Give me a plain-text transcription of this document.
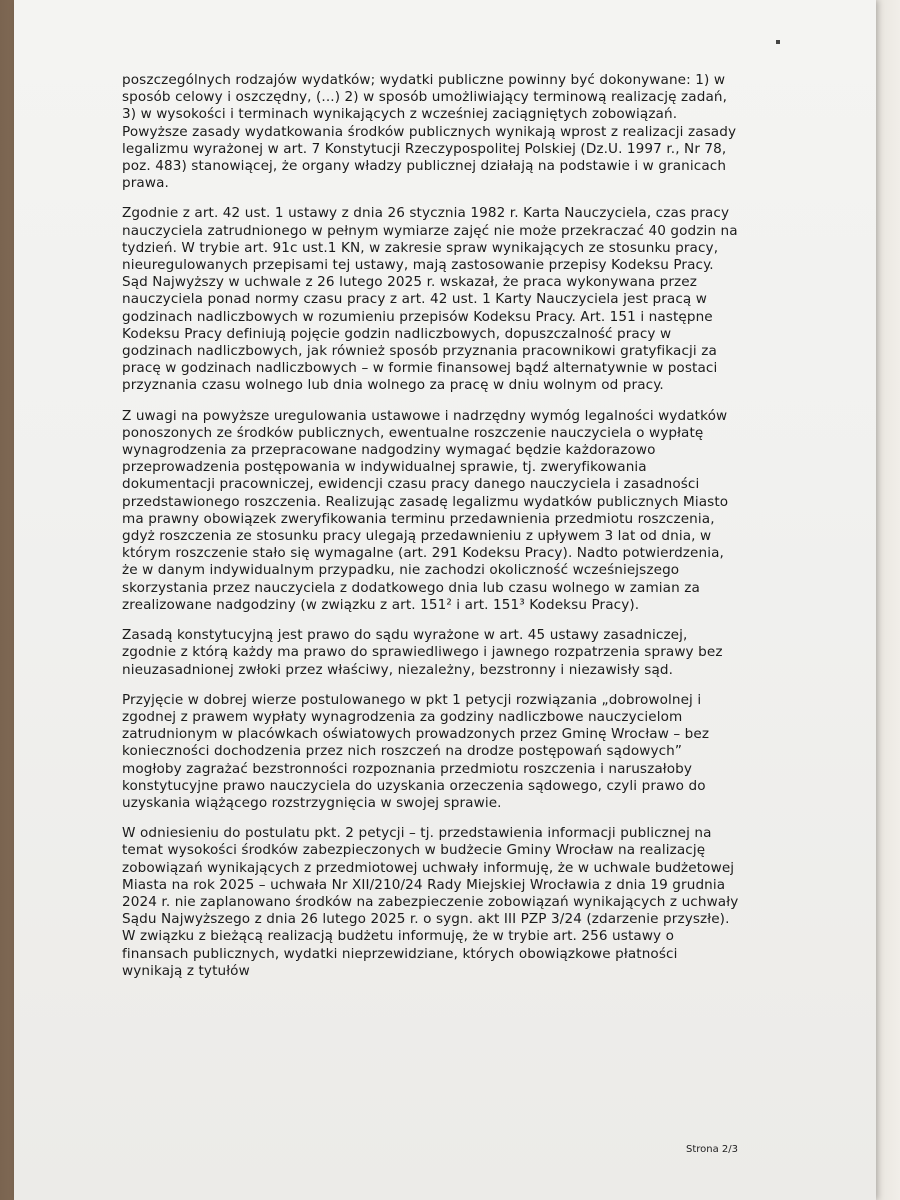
poszczególnych rodzajów wydatków; wydatki publiczne powinny być dokonywane: 1) w sposób celowy i oszczędny, (...) 2) w sposób umożliwiający terminową realizację zadań, 3) w wysokości i terminach wynikających z wcześniej zaciągniętych zobowiązań. Powyższe zasady wydatkowania środków publicznych wynikają wprost z realizacji zasady legalizmu wyrażonej w art. 7 Konstytucji Rzeczypospolitej Polskiej (Dz.U. 1997 r., Nr 78, poz. 483) stanowiącej, że organy władzy publicznej działają na podstawie i w granicach prawa.

Zgodnie z art. 42 ust. 1 ustawy z dnia 26 stycznia 1982 r. Karta Nauczyciela, czas pracy nauczyciela zatrudnionego w pełnym wymiarze zajęć nie może przekraczać 40 godzin na tydzień. W trybie art. 91c ust.1 KN, w zakresie spraw wynikających ze stosunku pracy, nieuregulowanych przepisami tej ustawy, mają zastosowanie przepisy Kodeksu Pracy. Sąd Najwyższy w uchwale z 26 lutego 2025 r. wskazał, że praca wykonywana przez nauczyciela ponad normy czasu pracy z art. 42 ust. 1 Karty Nauczyciela jest pracą w godzinach nadliczbowych w rozumieniu przepisów Kodeksu Pracy. Art. 151 i następne Kodeksu Pracy definiują pojęcie godzin nadliczbowych, dopuszczalność pracy w godzinach nadliczbowych, jak również sposób przyznania pracownikowi gratyfikacji za pracę w godzinach nadliczbowych – w formie finansowej bądź alternatywnie w postaci przyznania czasu wolnego lub dnia wolnego za pracę w dniu wolnym od pracy.

Z uwagi na powyższe uregulowania ustawowe i nadrzędny wymóg legalności wydatków ponoszonych ze środków publicznych, ewentualne roszczenie nauczyciela o wypłatę wynagrodzenia za przepracowane nadgodziny wymagać będzie każdorazowo przeprowadzenia postępowania w indywidualnej sprawie, tj. zweryfikowania dokumentacji pracowniczej, ewidencji czasu pracy danego nauczyciela i zasadności przedstawionego roszczenia. Realizując zasadę legalizmu wydatków publicznych Miasto ma prawny obowiązek zweryfikowania terminu przedawnienia przedmiotu roszczenia, gdyż roszczenia ze stosunku pracy ulegają przedawnieniu z upływem 3 lat od dnia, w którym roszczenie stało się wymagalne (art. 291 Kodeksu Pracy). Nadto potwierdzenia, że w danym indywidualnym przypadku, nie zachodzi okoliczność wcześniejszego skorzystania przez nauczyciela z dodatkowego dnia lub czasu wolnego w zamian za zrealizowane nadgodziny (w związku z art. 151² i art. 151³ Kodeksu Pracy).

Zasadą konstytucyjną jest prawo do sądu wyrażone w art. 45 ustawy zasadniczej, zgodnie z którą każdy ma prawo do sprawiedliwego i jawnego rozpatrzenia sprawy bez nieuzasadnionej zwłoki przez właściwy, niezależny, bezstronny i niezawisły sąd.

Przyjęcie w dobrej wierze postulowanego w pkt 1 petycji rozwiązania „dobrowolnej i zgodnej z prawem wypłaty wynagrodzenia za godziny nadliczbowe nauczycielom zatrudnionym w placówkach oświatowych prowadzonych przez Gminę Wrocław – bez konieczności dochodzenia przez nich roszczeń na drodze postępowań sądowych” mogłoby zagrażać bezstronności rozpoznania przedmiotu roszczenia i naruszałoby konstytucyjne prawo nauczyciela do uzyskania orzeczenia sądowego, czyli prawo do uzyskania wiążącego rozstrzygnięcia w swojej sprawie.

W odniesieniu do postulatu pkt. 2 petycji – tj. przedstawienia informacji publicznej na temat wysokości środków zabezpieczonych w budżecie Gminy Wrocław na realizację zobowiązań wynikających z przedmiotowej uchwały informuję, że w uchwale budżetowej Miasta na rok 2025 – uchwała Nr XII/210/24 Rady Miejskiej Wrocławia z dnia 19 grudnia 2024 r. nie zaplanowano środków na zabezpieczenie zobowiązań wynikających z uchwały Sądu Najwyższego z dnia 26 lutego 2025 r. o sygn. akt III PZP 3/24 (zdarzenie przyszłe). W związku z bieżącą realizacją budżetu informuję, że w trybie art. 256 ustawy o finansach publicznych, wydatki nieprzewidziane, których obowiązkowe płatności wynikają z tytułów

Strona 2/3
